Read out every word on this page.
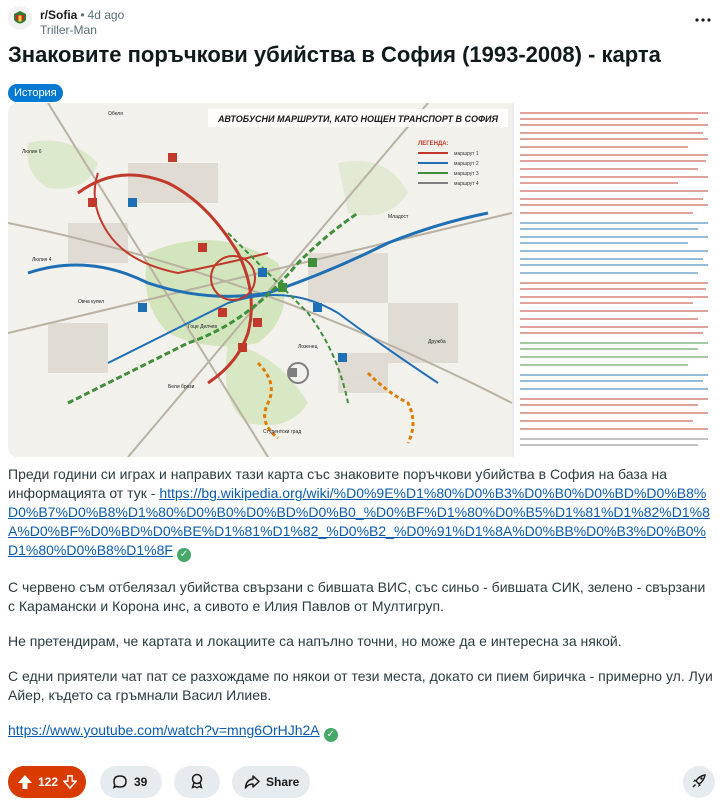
r/Sofia • 4d ago
Triller-Man
Знаковите поръчкови убийства в София (1993-2008) - карта
История
АВТОБУСНИ МАРШРУТИ, КАТО НОЩЕН ТРАНСПОРТ В СОФИЯ
ЛЕГЕНДА:
маршрут 1
маршрут 2
маршрут 3
маршрут 4
Обеля
Люлин 6
Люлин 4
Бели брези
Дружба
Младост
Студентски град
Лозенец
Гоце Делчев
Овча купел

Преди години си играх и направих тази карта със знаковите поръчкови убийства в София на база на информацията от тук - https://bg.wikipedia.org/wiki/%D0%9E%D1%80%D0%B3%D0%B0%D0%BD%D0%B8%D0%B7%D0%B8%D1%80%D0%B0%D0%BD%D0%B0_%D0%BF%D1%80%D0%B5%D1%81%D1%82%D1%8A%D0%BF%D0%BD%D0%BE%D1%81%D1%82_%D0%B2_%D0%91%D1%8A%D0%BB%D0%B3%D0%B0%D1%80%D0%B8%D1%8F ✓

С червено съм отбелязал убийства свързани с бившата ВИС, със синьо - бившата СИК, зелено - свързани с Карамански и Корона инс, а сивото е Илия Павлов от Мултигруп.

Не претендирам, че картата и локациите са напълно точни, но може да е интересна за някой.

С едни приятели чат пат се разхождаме по някои от тези места, докато си пием биричка - примерно ул. Луи Айер, където са гръмнали Васил Илиев.

https://www.youtube.com/watch?v=mng6OrHJh2A ✓

122	39	Share
